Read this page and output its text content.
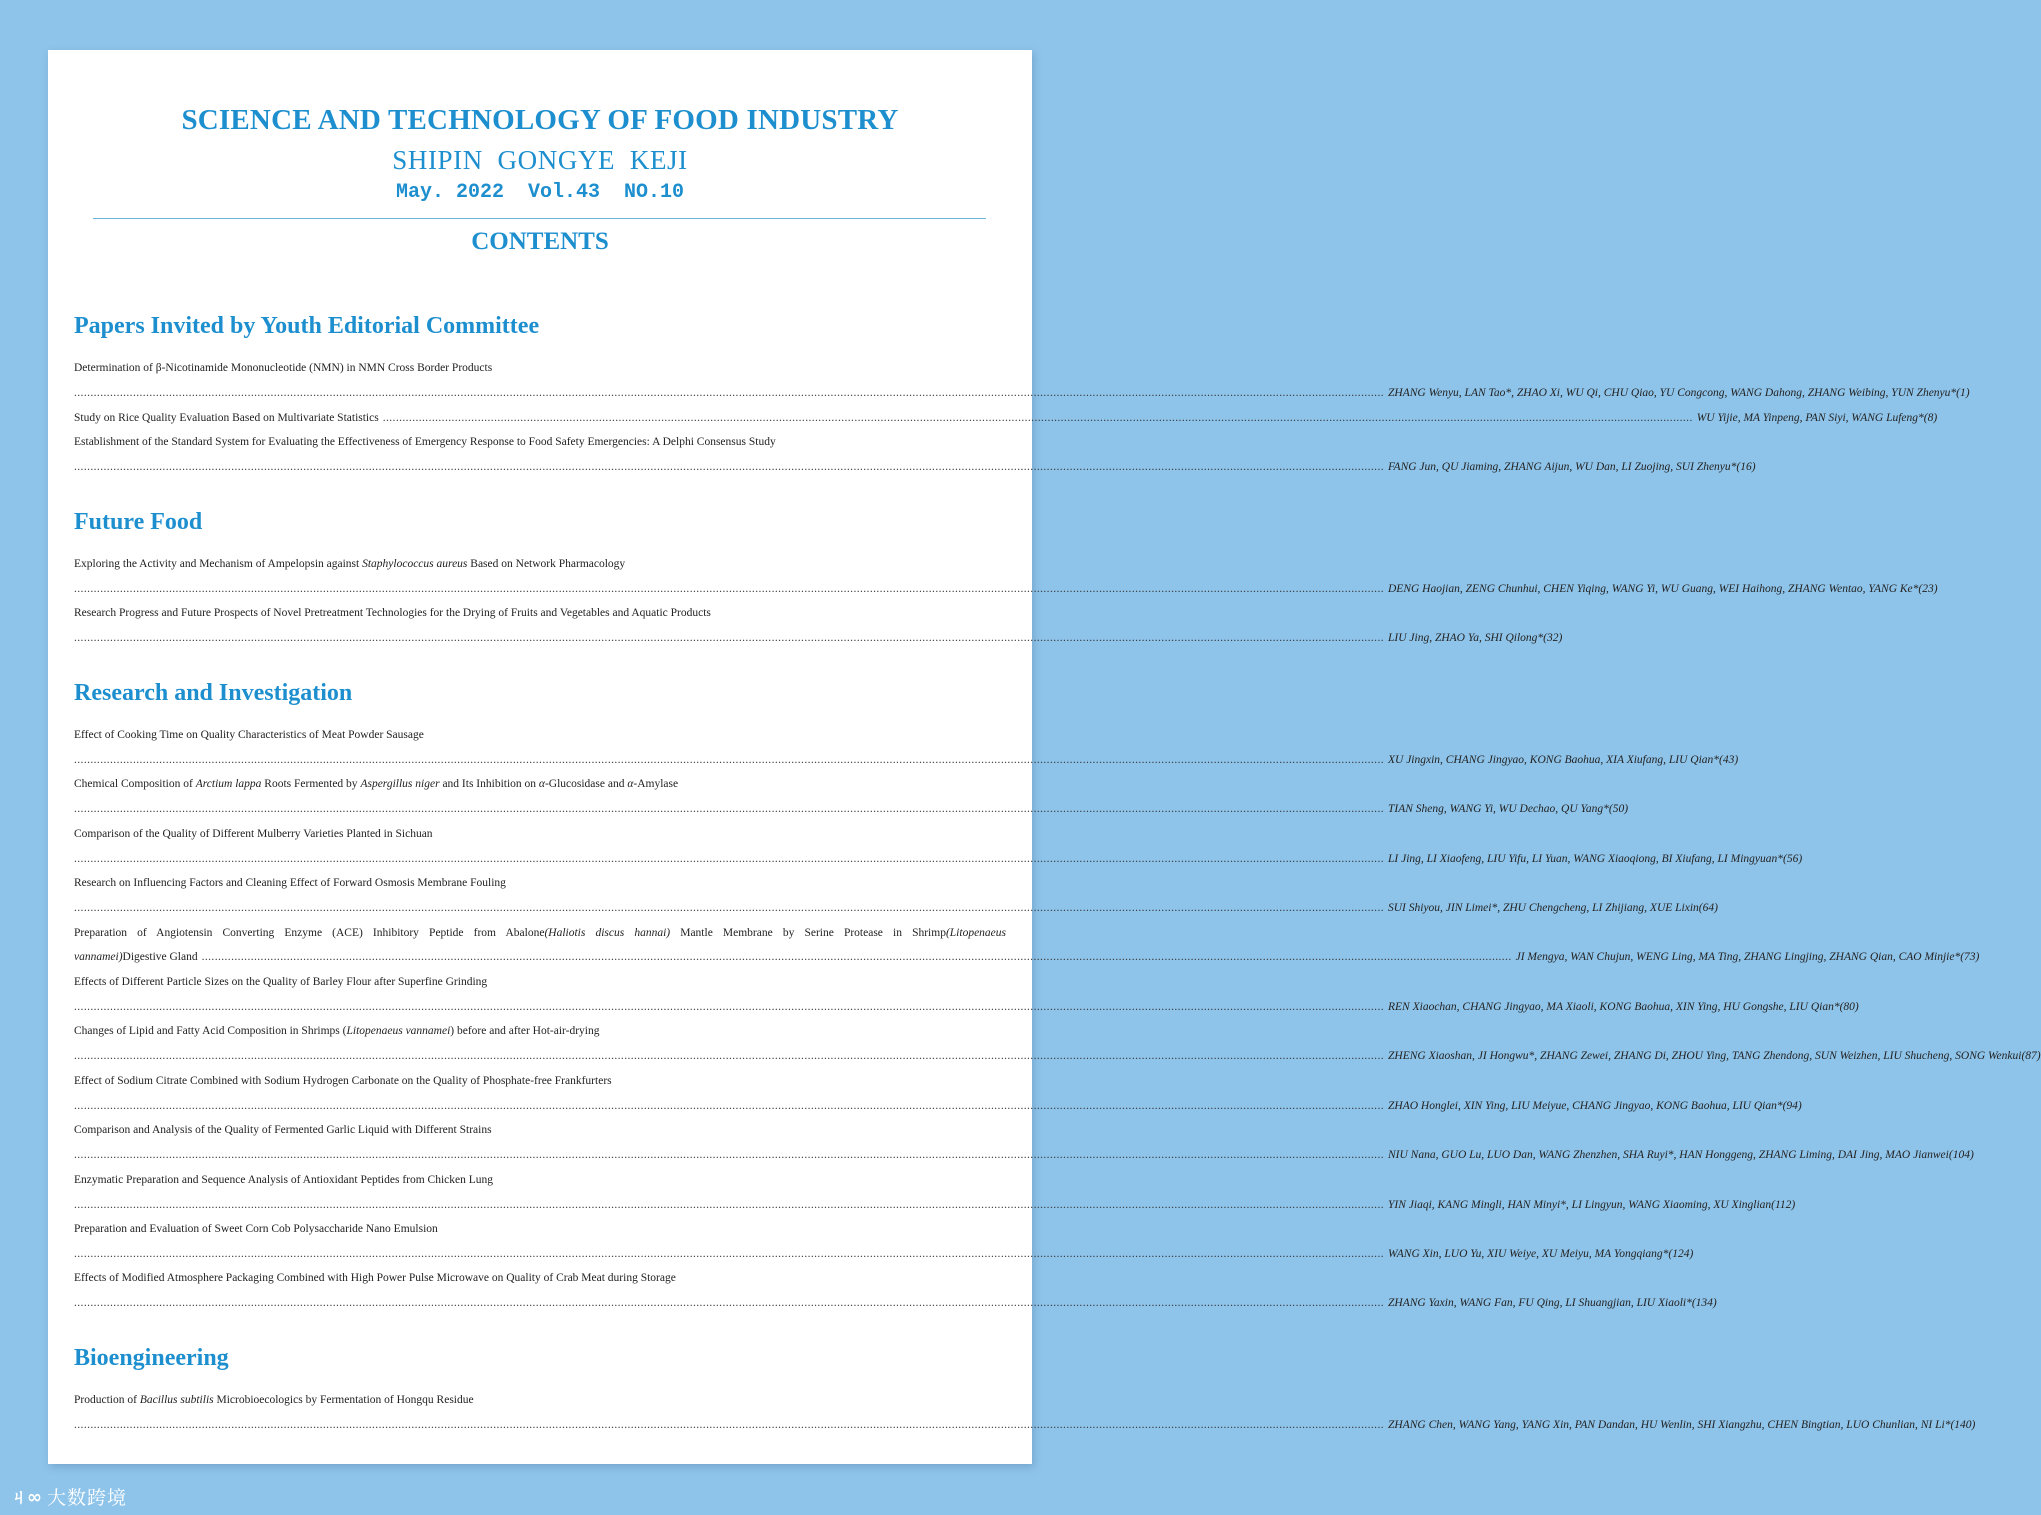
SCIENCE AND TECHNOLOGY OF FOOD INDUSTRY
SHIPIN  GONGYE  KEJI
May. 2022  Vol.43  NO.10
CONTENTS
Papers Invited by Youth Editorial Committee
Determination of β-Nicotinamide Mononucleotide (NMN) in NMN Cross Border Products
................................................................................................................................................................................................................................................................................................................................................................................................................ ZHANG Wenyu, LAN Tao*, ZHAO Xi, WU Qi, CHU Qiao, YU Congcong, WANG Dahong, ZHANG Weibing, YUN Zhenyu*(1)
Study on Rice Quality Evaluation Based on Multivariate Statistics ................................................................................................................................................................................................................................................................................................................................................................................................................ WU Yijie, MA Yinpeng, PAN Siyi, WANG Lufeng*(8)
Establishment of the Standard System for Evaluating the Effectiveness of Emergency Response to Food Safety Emergencies: A Delphi Consensus Study
................................................................................................................................................................................................................................................................................................................................................................................................................ FANG Jun, QU Jiaming, ZHANG Aijun, WU Dan, LI Zuojing, SUI Zhenyu*(16)
Future Food
Exploring the Activity and Mechanism of Ampelopsin against Staphylococcus aureus Based on Network Pharmacology
................................................................................................................................................................................................................................................................................................................................................................................................................ DENG Haojian, ZENG Chunhui, CHEN Yiqing, WANG Yi, WU Guang, WEI Haihong, ZHANG Wentao, YANG Ke*(23)
Research Progress and Future Prospects of Novel Pretreatment Technologies for the Drying of Fruits and Vegetables and Aquatic Products
................................................................................................................................................................................................................................................................................................................................................................................................................ LIU Jing, ZHAO Ya, SHI Qilong*(32)
Research and Investigation
Effect of Cooking Time on Quality Characteristics of Meat Powder Sausage
................................................................................................................................................................................................................................................................................................................................................................................................................ XU Jingxin, CHANG Jingyao, KONG Baohua, XIA Xiufang, LIU Qian*(43)
Chemical Composition of Arctium lappa Roots Fermented by Aspergillus niger and Its Inhibition on α-Glucosidase and α-Amylase
................................................................................................................................................................................................................................................................................................................................................................................................................ TIAN Sheng, WANG Yi, WU Dechao, QU Yang*(50)
Comparison of the Quality of Different Mulberry Varieties Planted in Sichuan
................................................................................................................................................................................................................................................................................................................................................................................................................ LI Jing, LI Xiaofeng, LIU Yifu, LI Yuan, WANG Xiaoqiong, BI Xiufang, LI Mingyuan*(56)
Research on Influencing Factors and Cleaning Effect of Forward Osmosis Membrane Fouling
................................................................................................................................................................................................................................................................................................................................................................................................................ SUI Shiyou, JIN Limei*, ZHU Chengcheng, LI Zhijiang, XUE Lixin(64)
Preparation of Angiotensin Converting Enzyme (ACE) Inhibitory Peptide from Abalone(Haliotis discus hannai) Mantle Membrane by Serine Protease in Shrimp(Litopenaeus
vannamei) Digestive Gland ................................................................................................................................................................................................................................................................................................................................................................................................................ JI Mengya, WAN Chujun, WENG Ling, MA Ting, ZHANG Lingjing, ZHANG Qian, CAO Minjie*(73)
Effects of Different Particle Sizes on the Quality of Barley Flour after Superfine Grinding
................................................................................................................................................................................................................................................................................................................................................................................................................ REN Xiaochan, CHANG Jingyao, MA Xiaoli, KONG Baohua, XIN Ying, HU Gongshe, LIU Qian*(80)
Changes of Lipid and Fatty Acid Composition in Shrimps (Litopenaeus vannamei) before and after Hot-air-drying
................................................................................................................................................................................................................................................................................................................................................................................................................ ZHENG Xiaoshan, JI Hongwu*, ZHANG Zewei, ZHANG Di, ZHOU Ying, TANG Zhendong, SUN Weizhen, LIU Shucheng, SONG Wenkui(87)
Effect of Sodium Citrate Combined with Sodium Hydrogen Carbonate on the Quality of Phosphate-free Frankfurters
................................................................................................................................................................................................................................................................................................................................................................................................................ ZHAO Honglei, XIN Ying, LIU Meiyue, CHANG Jingyao, KONG Baohua, LIU Qian*(94)
Comparison and Analysis of the Quality of Fermented Garlic Liquid with Different Strains
................................................................................................................................................................................................................................................................................................................................................................................................................ NIU Nana, GUO Lu, LUO Dan, WANG Zhenzhen, SHA Ruyi*, HAN Honggeng, ZHANG Liming, DAI Jing, MAO Jianwei(104)
Enzymatic Preparation and Sequence Analysis of Antioxidant Peptides from Chicken Lung
................................................................................................................................................................................................................................................................................................................................................................................................................ YIN Jiaqi, KANG Mingli, HAN Minyi*, LI Lingyun, WANG Xiaoming, XU Xinglian(112)
Preparation and Evaluation of Sweet Corn Cob Polysaccharide Nano Emulsion
................................................................................................................................................................................................................................................................................................................................................................................................................ WANG Xin, LUO Yu, XIU Weiye, XU Meiyu, MA Yongqiang*(124)
Effects of Modified Atmosphere Packaging Combined with High Power Pulse Microwave on Quality of Crab Meat during Storage
................................................................................................................................................................................................................................................................................................................................................................................................................ ZHANG Yaxin, WANG Fan, FU Qing, LI Shuangjian, LIU Xiaoli*(134)
Bioengineering
Production of Bacillus subtilis Microbioecologics by Fermentation of Hongqu Residue
................................................................................................................................................................................................................................................................................................................................................................................................................ ZHANG Chen, WANG Yang, YANG Xin, PAN Dandan, HU Wenlin, SHI Xiangzhu, CHEN Bingtian, LUO Chunlian, NI Li*(140)
ㄐ∞ 大数跨境
